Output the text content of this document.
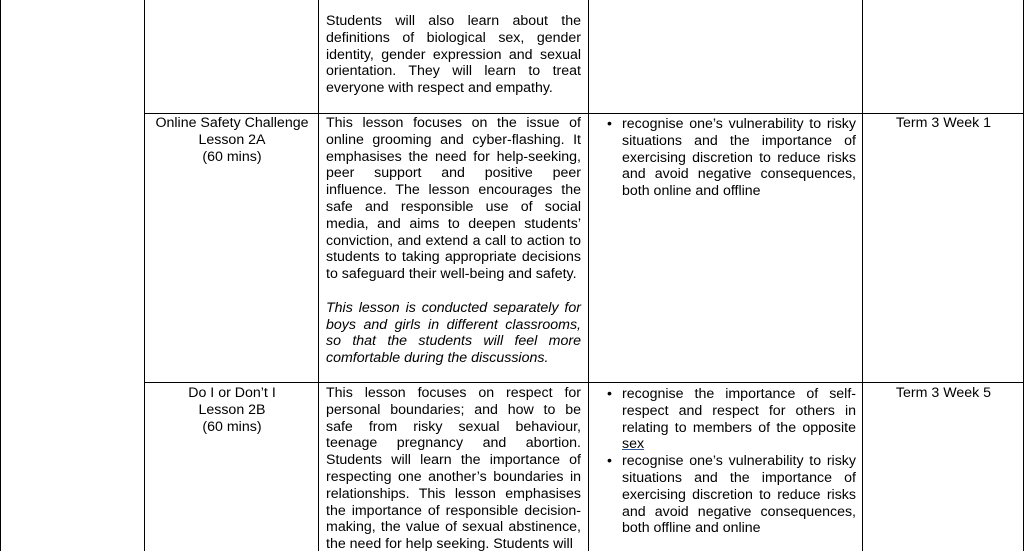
Students will also learn about the definitions of biological sex, gender identity, gender expression and sexual orientation. They will learn to treat everyone with respect and empathy.

Online Safety Challenge
Lesson 2A
(60 mins)

This lesson focuses on the issue of online grooming and cyber-flashing. It emphasises the need for help-seeking, peer support and positive peer influence. The lesson encourages the safe and responsible use of social media, and aims to deepen students’ conviction, and extend a call to action to students to taking appropriate decisions to safeguard their well-being and safety.

This lesson is conducted separately for boys and girls in different classrooms, so that the students will feel more comfortable during the discussions.

• recognise one’s vulnerability to risky situations and the importance of exercising discretion to reduce risks and avoid negative consequences, both online and offline
Term 3 Week 1
Do I or Don’t I
Lesson 2B
(60 mins)

This lesson focuses on respect for personal boundaries; and how to be safe from risky sexual behaviour, teenage pregnancy and abortion. Students will learn the importance of respecting one another’s boundaries in relationships. This lesson emphasises the importance of responsible decision-making, the value of sexual abstinence, the need for help seeking. Students will

• recognise the importance of self-respect and respect for others in relating to members of the opposite sex
• recognise one’s vulnerability to risky situations and the importance of exercising discretion to reduce risks and avoid negative consequences, both offline and online
Term 3 Week 5
